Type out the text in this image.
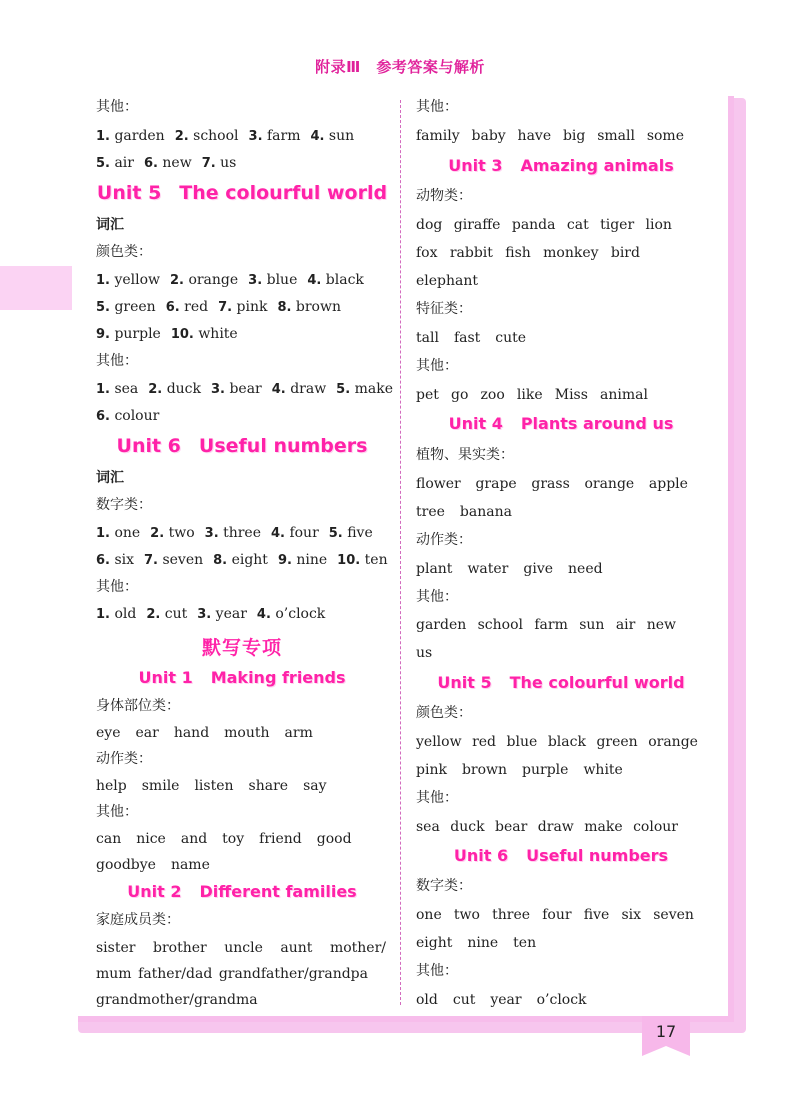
附录Ⅲ　参考答案与解析
其他：
1. garden 2. school 3. farm 4. sun
5. air 6. new 7. us
Unit 5 The colourful world
词汇
颜色类：
1. yellow 2. orange 3. blue 4. black
5. green 6. red 7. pink 8. brown
9. purple 10. white
其他：
1. sea 2. duck 3. bear 4. draw 5. make
6. colour
Unit 6 Useful numbers
词汇
数字类：
1. one 2. two 3. three 4. four 5. five
6. six 7. seven 8. eight 9. nine 10. ten
其他：
1. old 2. cut 3. year 4. o’clock
默写专项
Unit 1 Making friends
身体部位类：
eye ear hand mouth arm
动作类：
help smile listen share say
其他：
can nice and toy friend good
goodbye name
Unit 2 Different families
家庭成员类：
sister brother uncle aunt mother/
mum father/dad grandfather/grandpa
grandmother/grandma
其他：
family baby have big small some
Unit 3 Amazing animals
动物类：
dog giraffe panda cat tiger lion
fox rabbit fish monkey bird
elephant
特征类：
tall fast cute
其他：
pet go zoo like Miss animal
Unit 4 Plants around us
植物、果实类：
flower grape grass orange apple
tree banana
动作类：
plant water give need
其他：
garden school farm sun air new
us
Unit 5 The colourful world
颜色类：
yellow red blue black green orange
pink brown purple white
其他：
sea duck bear draw make colour
Unit 6 Useful numbers
数字类：
one two three four five six seven
eight nine ten
其他：
old cut year o’clock
17
